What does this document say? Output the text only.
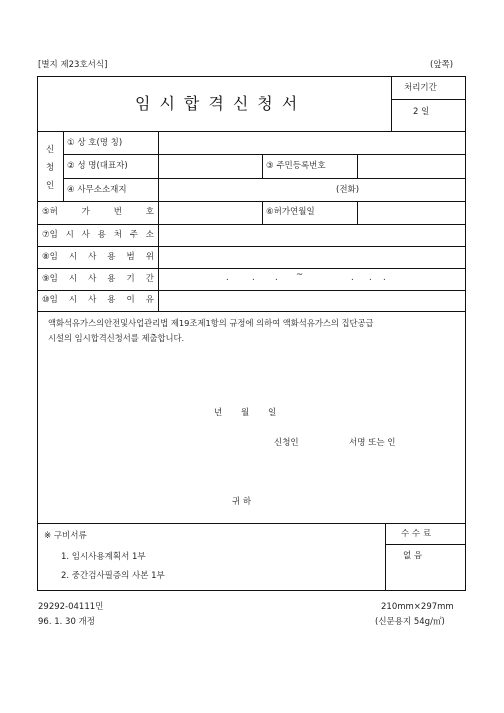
[별지 제23호서식]	(앞쪽)
임시합격신청서
처리기간
2 일
신
청
인
① 상 호(명 칭)
② 성 명(대표자)	③ 주민등록번호
④ 사무소소재지	(전화)
⑤허	가	번	호	⑥허가연월일
⑦임 시 사 용 처 주 소
⑧임 시 사 용 범 위
⑨임 시 사 용 기 간	.	. . ~	. . .
⑩임 시 사 용 이 유
액화석유가스의안전및사업관리법 제19조제1항의 규정에 의하여 액화석유가스의 집단공급
시설의 임시합격신청서를 제출합니다.
년 월 일
신청인	서명 또는 인
귀 하
※ 구비서류
1. 임시사용계획서 1부
2. 중간검사필증의 사본 1부
수 수 료
없 음
29292-04111민
96. 1. 30 개정
210mm×297mm
(신문용지 54g/㎡)
